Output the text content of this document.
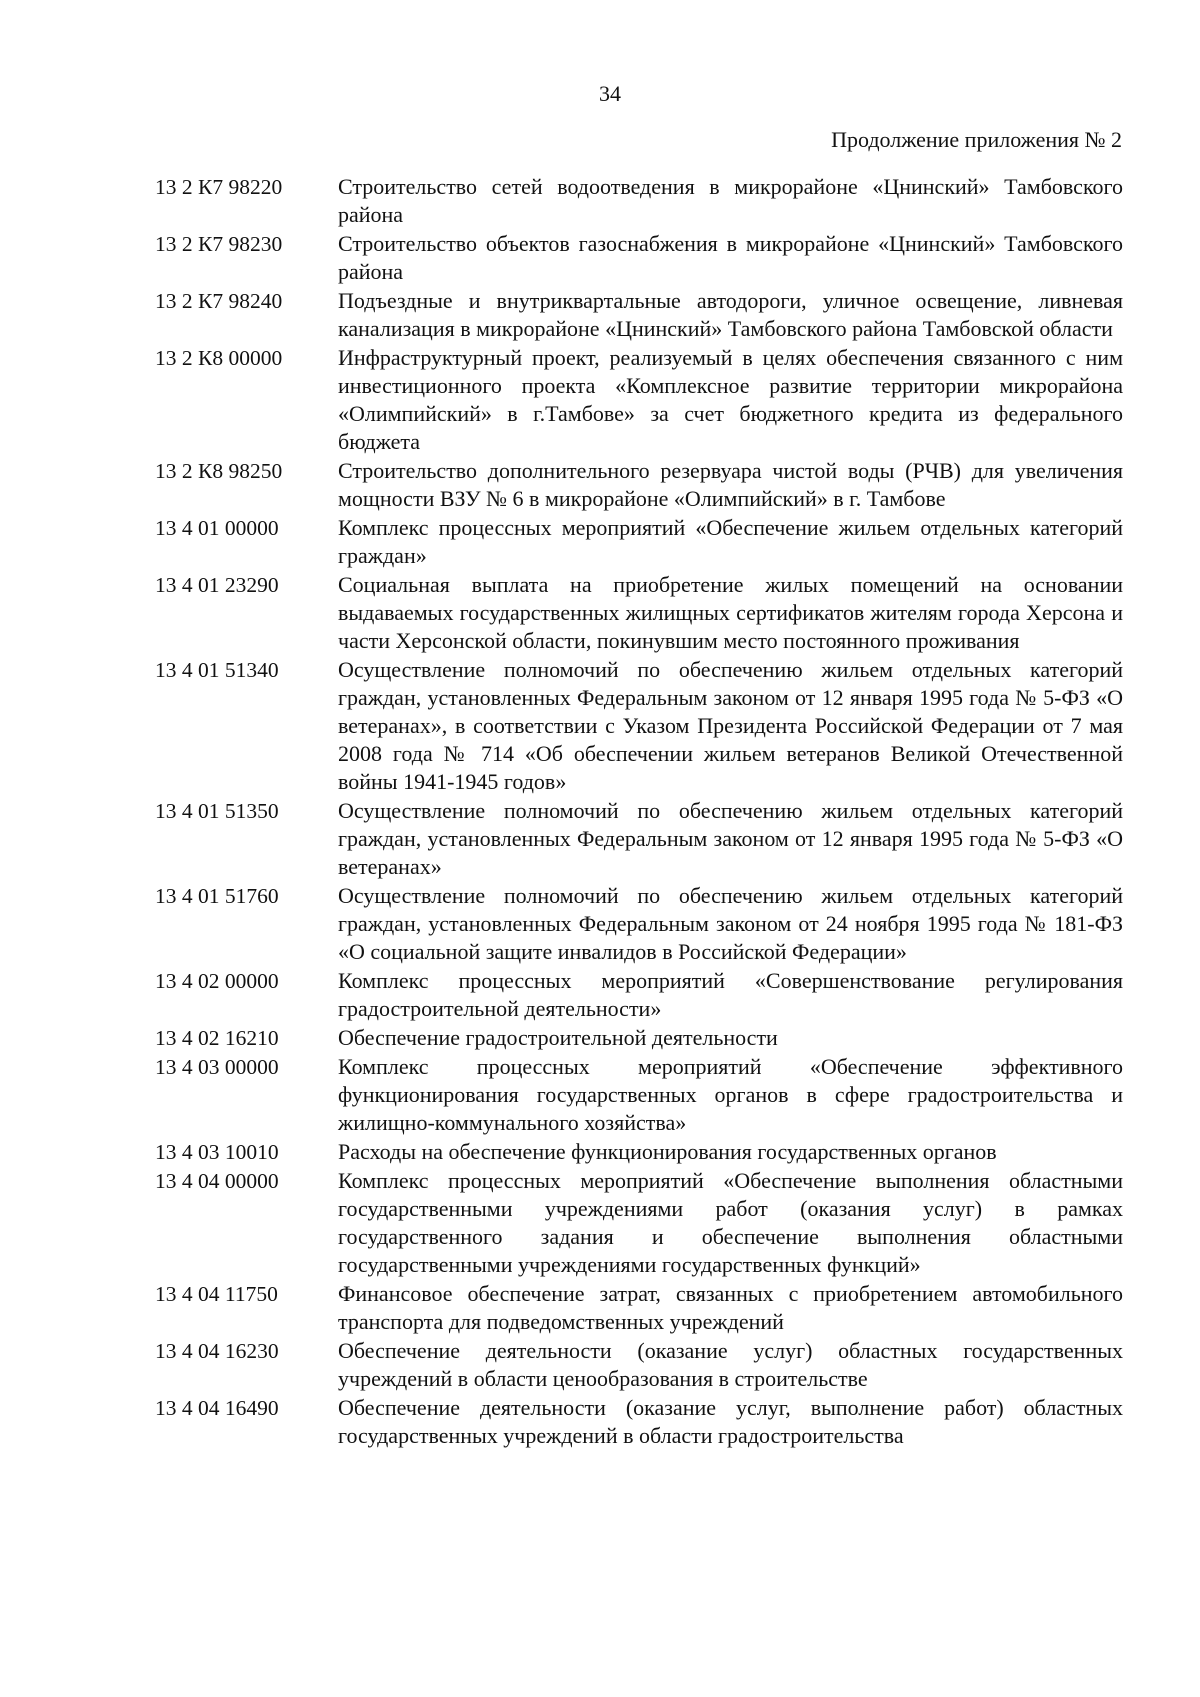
34
Продолжение приложения № 2
13 2 К7 98220	Строительство сетей водоотведения в микрорайоне «Цнинский» Тамбовского района
13 2 К7 98230	Строительство объектов газоснабжения в микрорайоне «Цнинский» Тамбовского района
13 2 К7 98240	Подъездные и внутриквартальные автодороги, уличное освещение, ливневая канализация в микрорайоне «Цнинский» Тамбовского района Тамбовской области
13 2 К8 00000	Инфраструктурный проект, реализуемый в целях обеспечения связанного с ним инвестиционного проекта «Комплексное развитие территории микрорайона «Олимпийский» в г.Тамбове» за счет бюджетного кредита из федерального бюджета
13 2 К8 98250	Строительство дополнительного резервуара чистой воды (РЧВ) для увеличения мощности ВЗУ № 6 в микрорайоне «Олимпийский» в г. Тамбове
13 4 01 00000	Комплекс процессных мероприятий «Обеспечение жильем отдельных категорий граждан»
13 4 01 23290	Социальная выплата на приобретение жилых помещений на основании выдаваемых государственных жилищных сертификатов жителям города Херсона и части Херсонской области, покинувшим место постоянного проживания
13 4 01 51340	Осуществление полномочий по обеспечению жильем отдельных категорий граждан, установленных Федеральным законом от 12 января 1995 года № 5-ФЗ «О ветеранах», в соответствии с Указом Президента Российской Федерации от 7 мая 2008 года № 714 «Об обеспечении жильем ветеранов Великой Отечественной войны 1941-1945 годов»
13 4 01 51350	Осуществление полномочий по обеспечению жильем отдельных категорий граждан, установленных Федеральным законом от 12 января 1995 года № 5-ФЗ «О ветеранах»
13 4 01 51760	Осуществление полномочий по обеспечению жильем отдельных категорий граждан, установленных Федеральным законом от 24 ноября 1995 года № 181-ФЗ «О социальной защите инвалидов в Российской Федерации»
13 4 02 00000	Комплекс процессных мероприятий «Совершенствование регулирования градостроительной деятельности»
13 4 02 16210	Обеспечение градостроительной деятельности
13 4 03 00000	Комплекс процессных мероприятий «Обеспечение эффективного функционирования государственных органов в сфере градостроительства и жилищно-коммунального хозяйства»
13 4 03 10010	Расходы на обеспечение функционирования государственных органов
13 4 04 00000	Комплекс процессных мероприятий «Обеспечение выполнения областными государственными учреждениями работ (оказания услуг) в рамках государственного задания и обеспечение выполнения областными государственными учреждениями государственных функций»
13 4 04 11750	Финансовое обеспечение затрат, связанных с приобретением автомобильного транспорта для подведомственных учреждений
13 4 04 16230	Обеспечение деятельности (оказание услуг) областных государственных учреждений в области ценообразования в строительстве
13 4 04 16490	Обеспечение деятельности (оказание услуг, выполнение работ) областных государственных учреждений в области градостроительства
